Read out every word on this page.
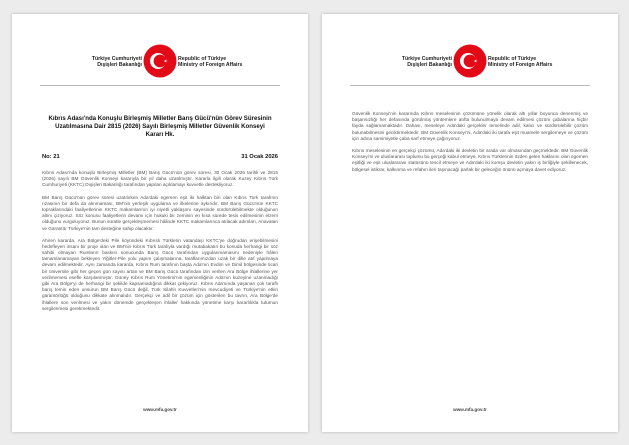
Türkiye Cumhuriyeti
Dışişleri Bakanlığı
Republic of Türkiye
Ministry of Foreign Affairs
Kıbrıs Adası'nda Konuşlu Birleşmiş Milletler Barış Gücü'nün Görev Süresinin Uzatılmasına Dair 2815 (2026) Sayılı Birleşmiş Milletler Güvenlik Konseyi Kararı Hk.
No: 21	31 Ocak 2026

Kıbrıs Adası'nda konuşlu Birleşmiş Milletler (BM) Barış Gücü'nün görev süresi, 30 Ocak 2026 tarihli ve 2815 (2026) sayılı BM Güvenlik Konseyi kararıyla bir yıl daha uzatılmıştır. Kararla ilgili olarak Kuzey Kıbrıs Türk Cumhuriyeti (KKTC) Dışişleri Bakanlığı tarafından yapılan açıklamayı kuvvetle destekliyoruz.

BM Barış Gücü'nün görev süresi uzatılırken Ada'daki egemen eşit iki halktan biri olan Kıbrıs Türk tarafının rızasının bir defa da alınmaması, BM'nin yerleşik uygulama ve ilkelerine aykırıdır. BM Barış Gücü'nün KKTC topraklarındaki faaliyetlerinin KKTC makamlarının iyi niyetli yaklaşımı sayesinde sürdürülebilmekte olduğunun altını çiziyoruz. Söz konusu faaliyetlerin devamı için hukuki bir zeminin en kısa sürede tesis edilmesinin elzem olduğunu vurguluyoruz. Bunun süratle gerçekleşmemesi hâlinde KKTC makamlarınca atılacak adımları, Anavatan ve Garantör Türkiye'nin tam desteğine sahip olacaktır.

Ahiren kararda, Ara Bölge'deki Pile köyündeki Kıbrıslı Türklerin vatandaşı KKTC'ye doğrudan erişebilmesini hedefleyen insani bir proje olan ve BM'nin Kıbrıs Türk tarafıyla vardığı mutabakatın bu konuda herhangi bir söz sahibi olmayan Rumların baskısı sonucunda Barış Gücü tarafından uygulanmamasını nedeniyle hâlen tamamlanamayan bekleyen Yiğitler-Pile yolu yapım çalışmalarına, taraflarımızdan uzak bir dille atıf yapılmaya devam edilmektedir. Aynı zamanda kararda, Kıbrıs Rum tarafının başta Ada'nın Evdim ve Dimil bölgesinde ticari bir üniversite gibi her geçen gün sayısı artan ve BM Barış Gücü tarafından izin verilen Ara Bölge ihlallerine yer verilmemesi esefle karşılanmıştır. Güney Kıbrıs Rum Yönetimi'nin egemenliğinin Ada'nın kuzeyine uzanmadığı gibi Ara Bölge'yi de herhangi bir şekilde kapsamadığına dikkat çekiyoruz. Kıbrıs Ada'sında yaşanan çok taraflı barış temin eden unsurun BM Barış Gücü değil, Türk Silahlı Kuvvetleri'nin mevcudiyeti ve Türkiye'nin etkin garantörlüğü olduğunu dikkate alınmalıdır. Gerçekçi ve adil bir çözüm için gösterilen bu tavrın, Ara Bölge'de ihlallere son verilmesi ve yakın dönemde gerçekleşen ihlaller hakkında yönetime karşı kararlılıkla tutumun sergilenmesi gerekmektedir.

www.mfa.gov.tr
Türkiye Cumhuriyeti
Dışişleri Bakanlığı
Republic of Türkiye
Ministry of Foreign Affairs

Güvenlik Konseyi'nin kararında Kıbrıs meselesinin çözümüne yönelik olarak altı yıllar boyunca denenmiş ve başarısızlığı her defasında görülmüş yöntemlere atıfta bulunulmaya devam edilmesi çözüm çabalarına hiçbir fayda sağlamamaktadır. Dahası, meseleye Ada'daki gerçekler temelinde adil, kalıcı ve sürdürülebilir çözüm bulunabilmesini geciktirmektedir. BM Güvenlik Konseyi'ni, Ada'daki iki tarafa eşit muamele sergilemeye ve çözüm için adına samimiyetle çaba sarf etmeye çağırıyoruz.

Kıbrıs meselesinin en gerçekçi çözümü, Ada'daki iki devletin bir arada var olmasından geçmektedir. BM Güvenlik Konseyi'ni ve uluslararası toplumu bu gerçeği kabul etmeye, Kıbrıs Türklerinin özden gelen haklarını olan egemen eşitliği ve eşit uluslararası statüsünü tescil etmeye ve Ada'daki iki komşu devletin yakın iş birliğiyle şekillenecek, bölgesel istikrar, kalkınma ve refahın ileri taşınacağı parlak bir geleceğin önünü açmaya davet ediyoruz.

www.mfa.gov.tr
